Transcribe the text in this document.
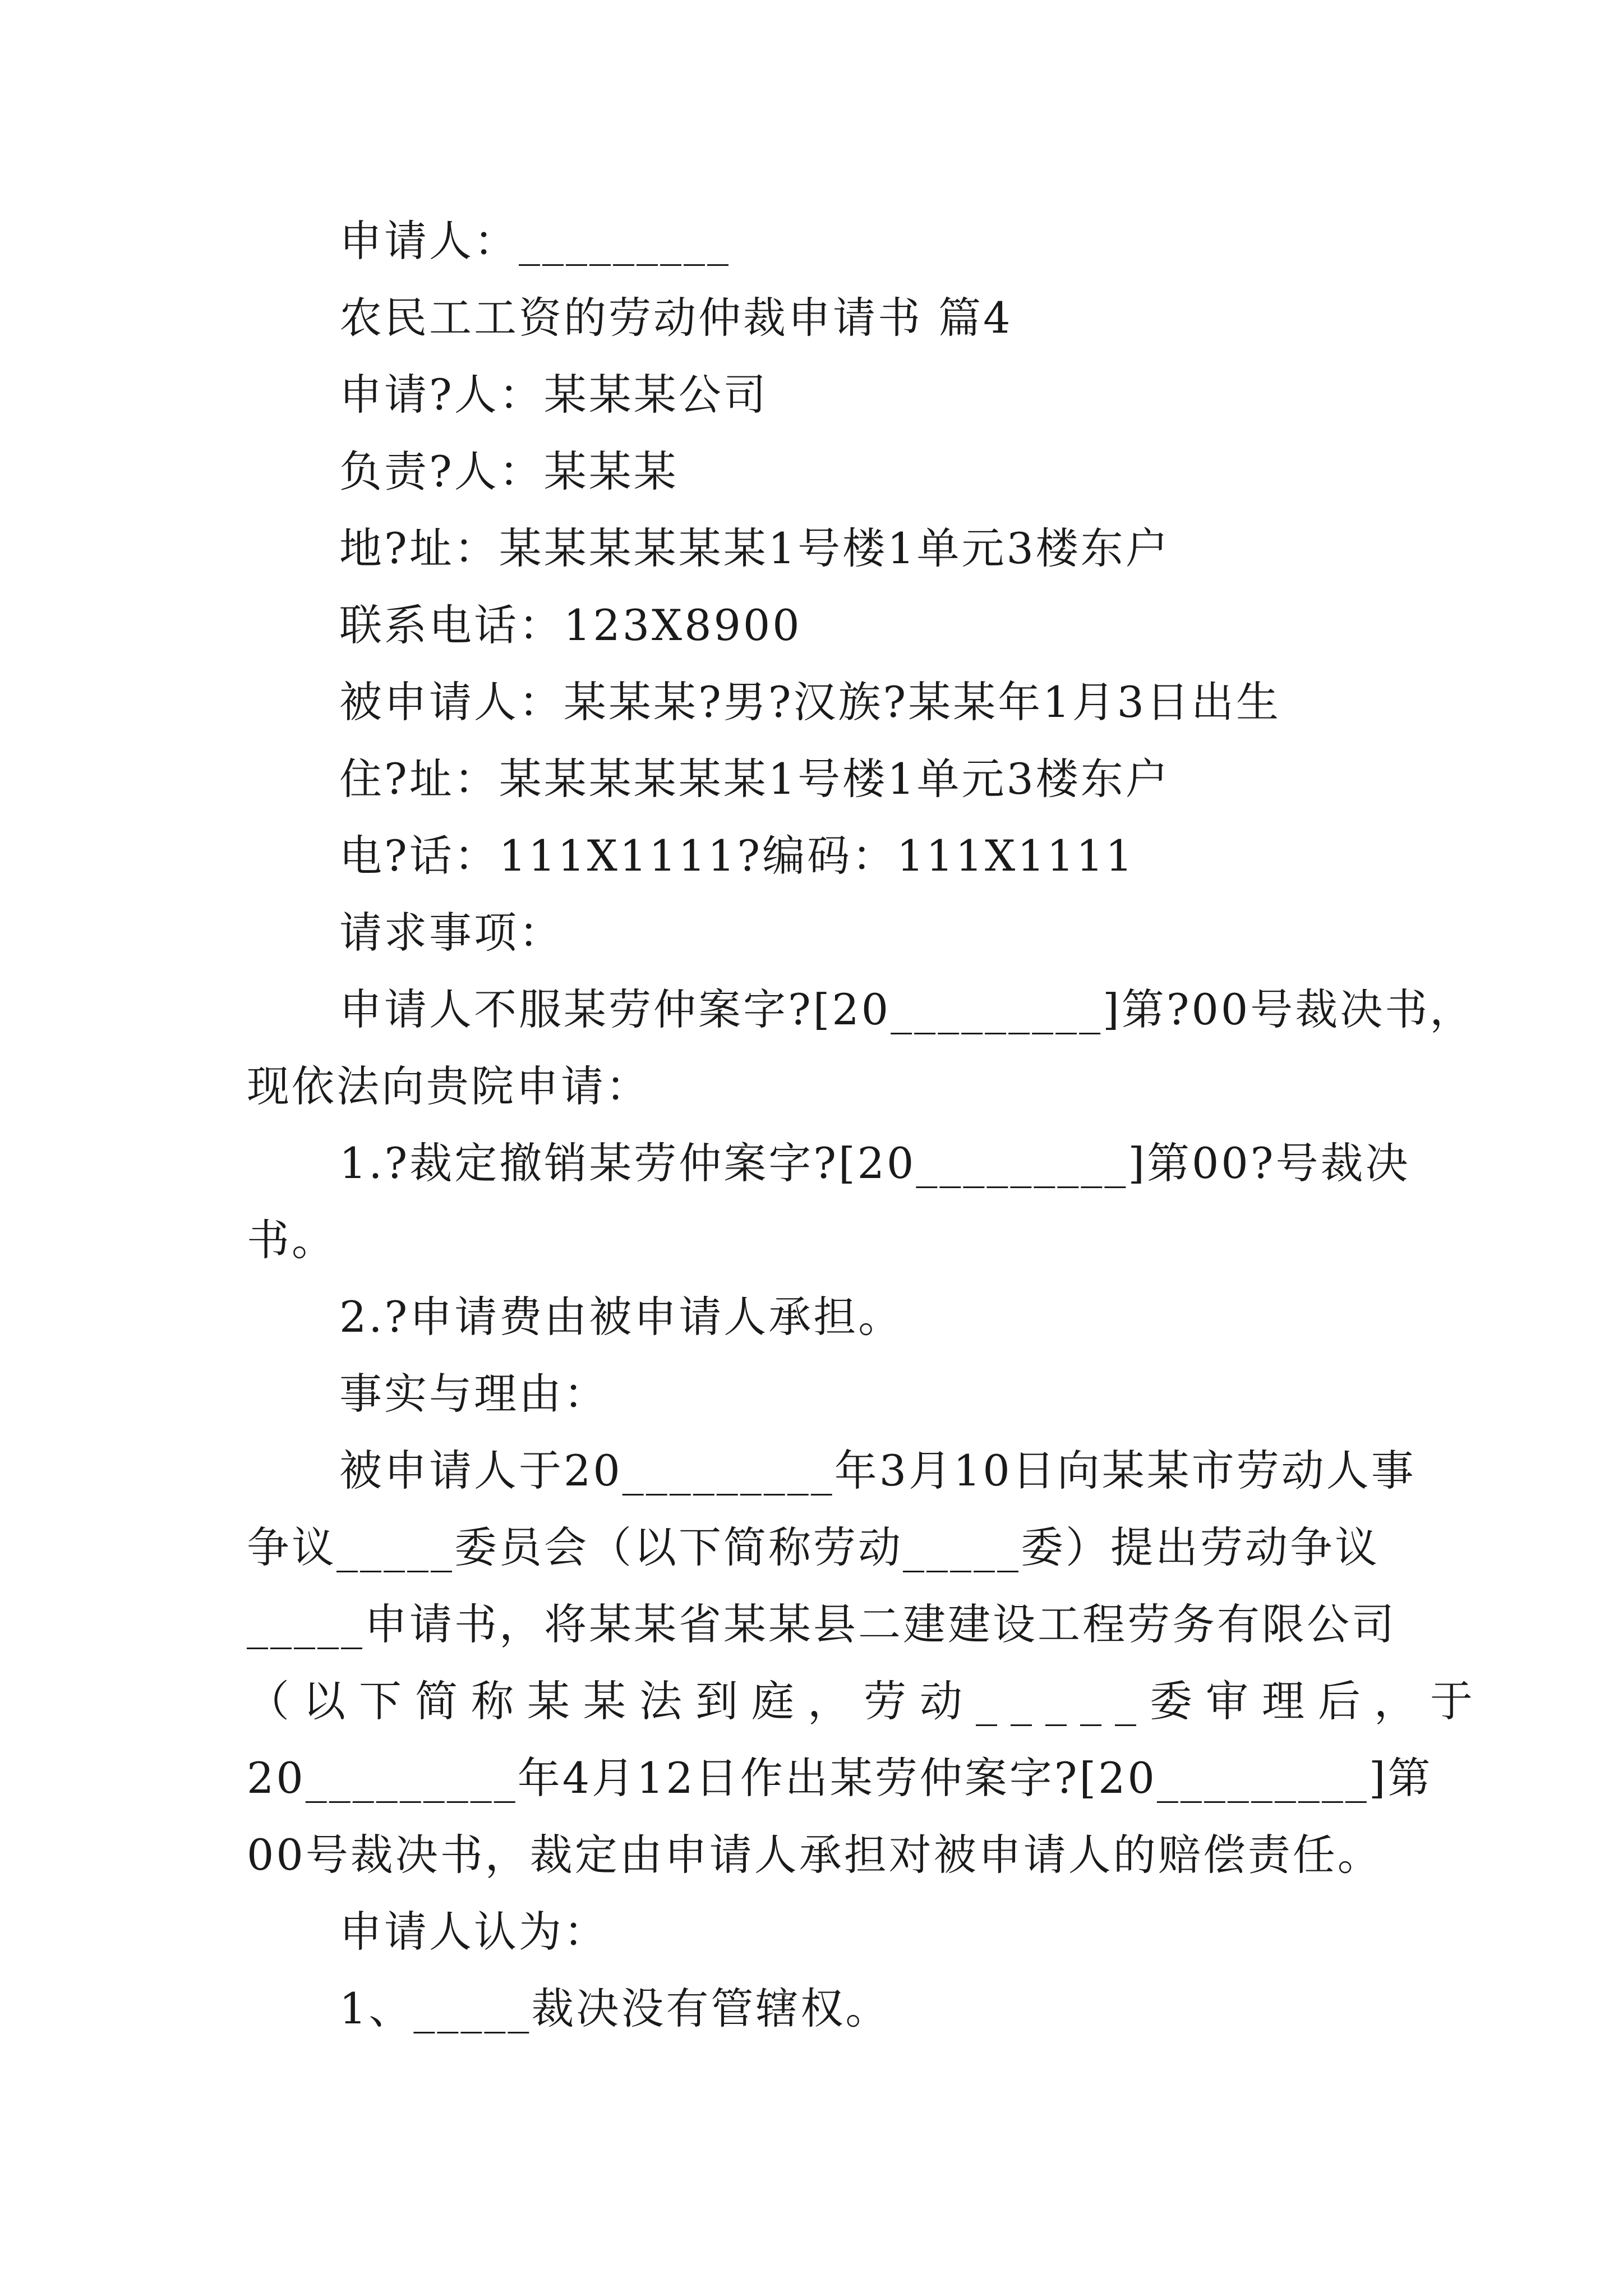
申请人：_________
农民工工资的劳动仲裁申请书 篇4
申请?人：某某某公司
负责?人：某某某
地?址：某某某某某某1号楼1单元3楼东户
联系电话：123X8900
被申请人：某某某?男?汉族?某某年1月3日出生
住?址：某某某某某某1号楼1单元3楼东户
电?话：111X1111?编码：111X1111
请求事项：
申请人不服某劳仲案字?[20_________]第?00号裁决书，
现依法向贵院申请：
1.?裁定撤销某劳仲案字?[20_________]第00?号裁决
书。
2.?申请费由被申请人承担。
事实与理由：
被申请人于20_________年3月10日向某某市劳动人事
争议_____委员会（以下简称劳动_____委）提出劳动争议
_____申请书，将某某省某某县二建建设工程劳务有限公司
（以下简称某某法到庭，劳动_____委审理后，于
20_________年4月12日作出某劳仲案字?[20_________]第
00号裁决书，裁定由申请人承担对被申请人的赔偿责任。
申请人认为：
1、_____裁决没有管辖权。
